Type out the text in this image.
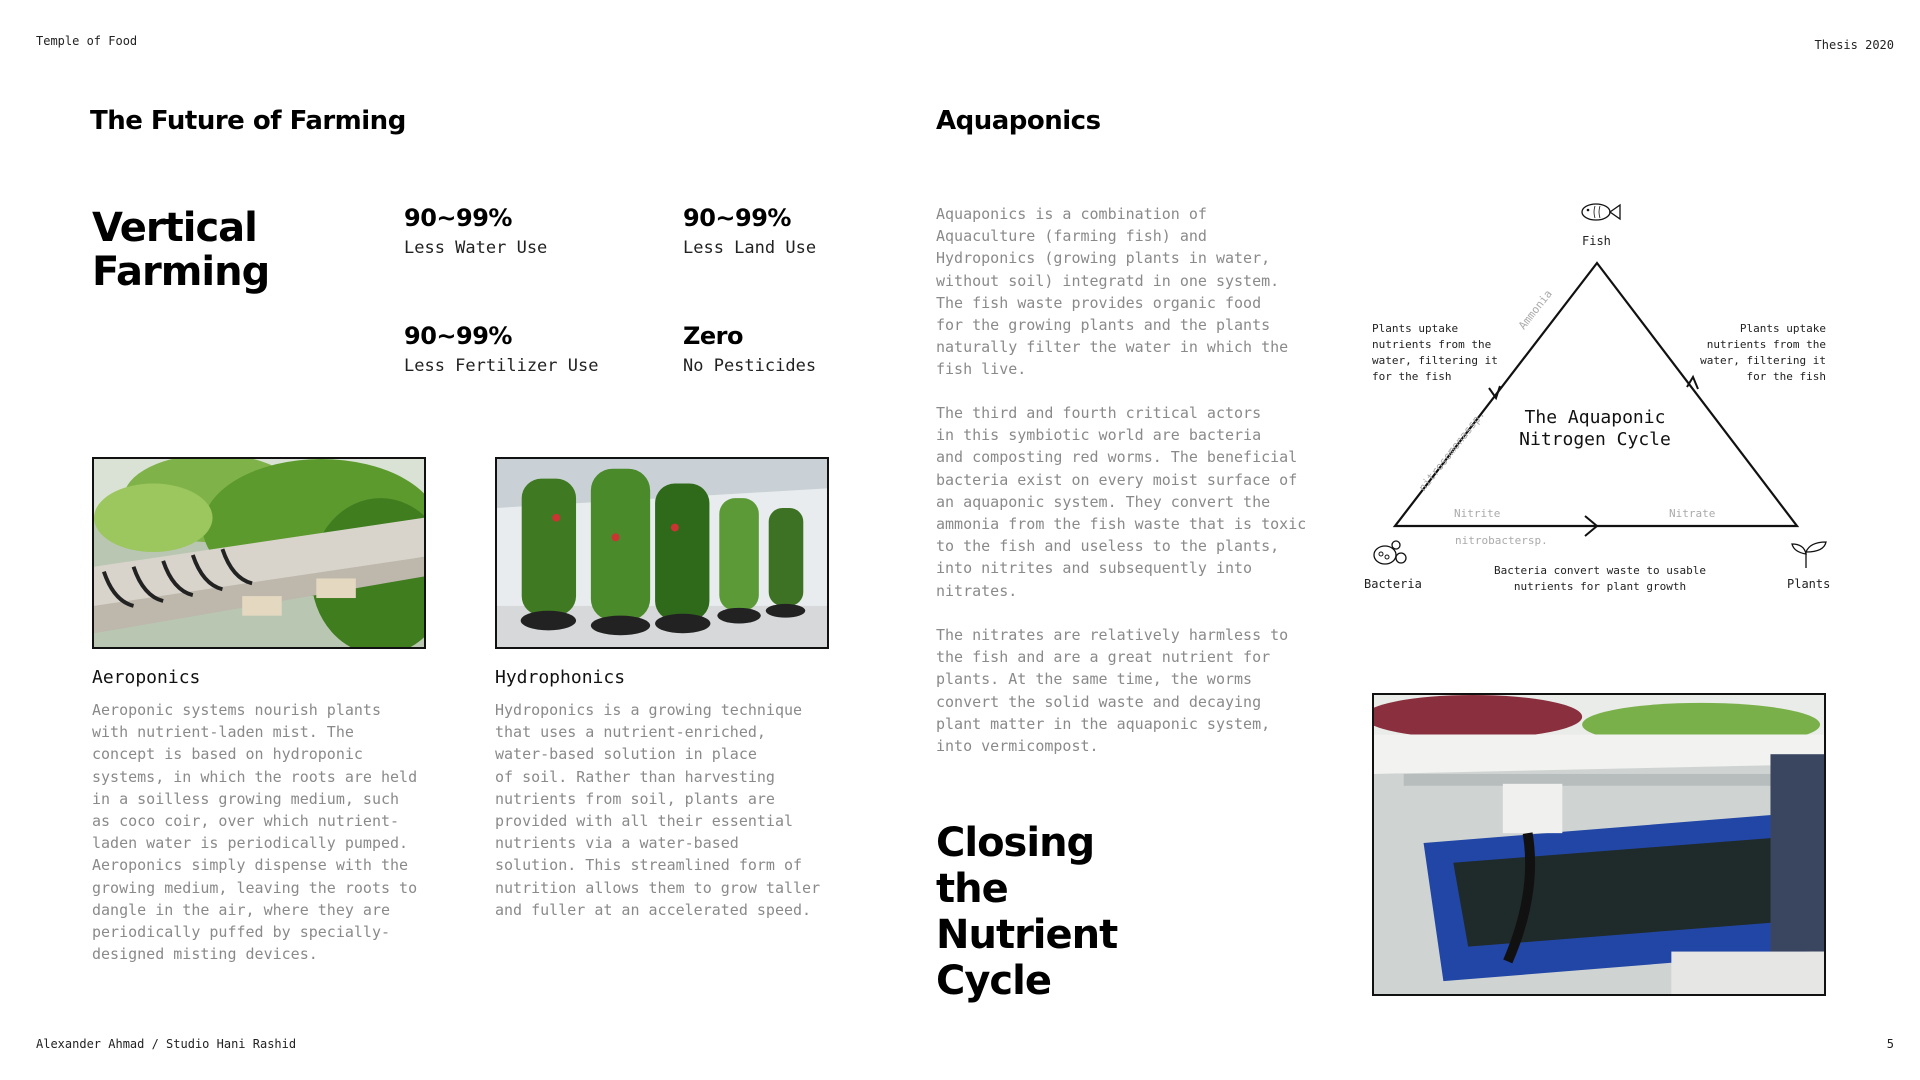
Temple of Food	Thesis 2020
Alexander Ahmad / Studio Hani Rashid	5
The Future of Farming
Vertical
Farming
90~99%
Less Water Use
90~99%
Less Land Use
90~99%
Less Fertilizer Use
Zero
No Pesticides
Aeroponics
Aeroponic systems nourish plants
with nutrient-laden mist. The
concept is based on hydroponic
systems, in which the roots are held
in a soilless growing medium, such
as coco coir, over which nutrient-
laden water is periodically pumped.
Aeroponics simply dispense with the
growing medium, leaving the roots to
dangle in the air, where they are
periodically puffed by specially-
designed misting devices.
Hydrophonics
Hydroponics is a growing technique
that uses a nutrient-enriched,
water-based solution in place
of soil. Rather than harvesting
nutrients from soil, plants are
provided with all their essential
nutrients via a water-based
solution. This streamlined form of
nutrition allows them to grow taller
and fuller at an accelerated speed.
Aquaponics
Aquaponics is a combination of
Aquaculture (farming fish) and
Hydroponics (growing plants in water,
without soil) integratd in one system.
The fish waste provides organic food
for the growing plants and the plants
naturally filter the water in which the
fish live.
The third and fourth critical actors
in this symbiotic world are bacteria
and composting red worms. The beneficial
bacteria exist on every moist surface of
an aquaponic system. They convert the
ammonia from the fish waste that is toxic
to the fish and useless to the plants,
into nitrites and subsequently into
nitrates.
The nitrates are relatively harmless to
the fish and are a great nutrient for
plants. At the same time, the worms
convert the solid waste and decaying
plant matter in the aquaponic system,
into vermicompost.
Closing
the
Nutrient
Cycle
Fish
The Aquaponic
Nitrogen Cycle
Plants uptake
nutrients from the
water, filtering it
for the fish
Plants uptake
nutrients from the
water, filtering it
for the fish
Bacteria convert waste to usable
nutrients for plant growth
Bacteria	Plants
Ammonia
nitrosomonassp.
Nitrite	Nitrate
nitrobactersp.
